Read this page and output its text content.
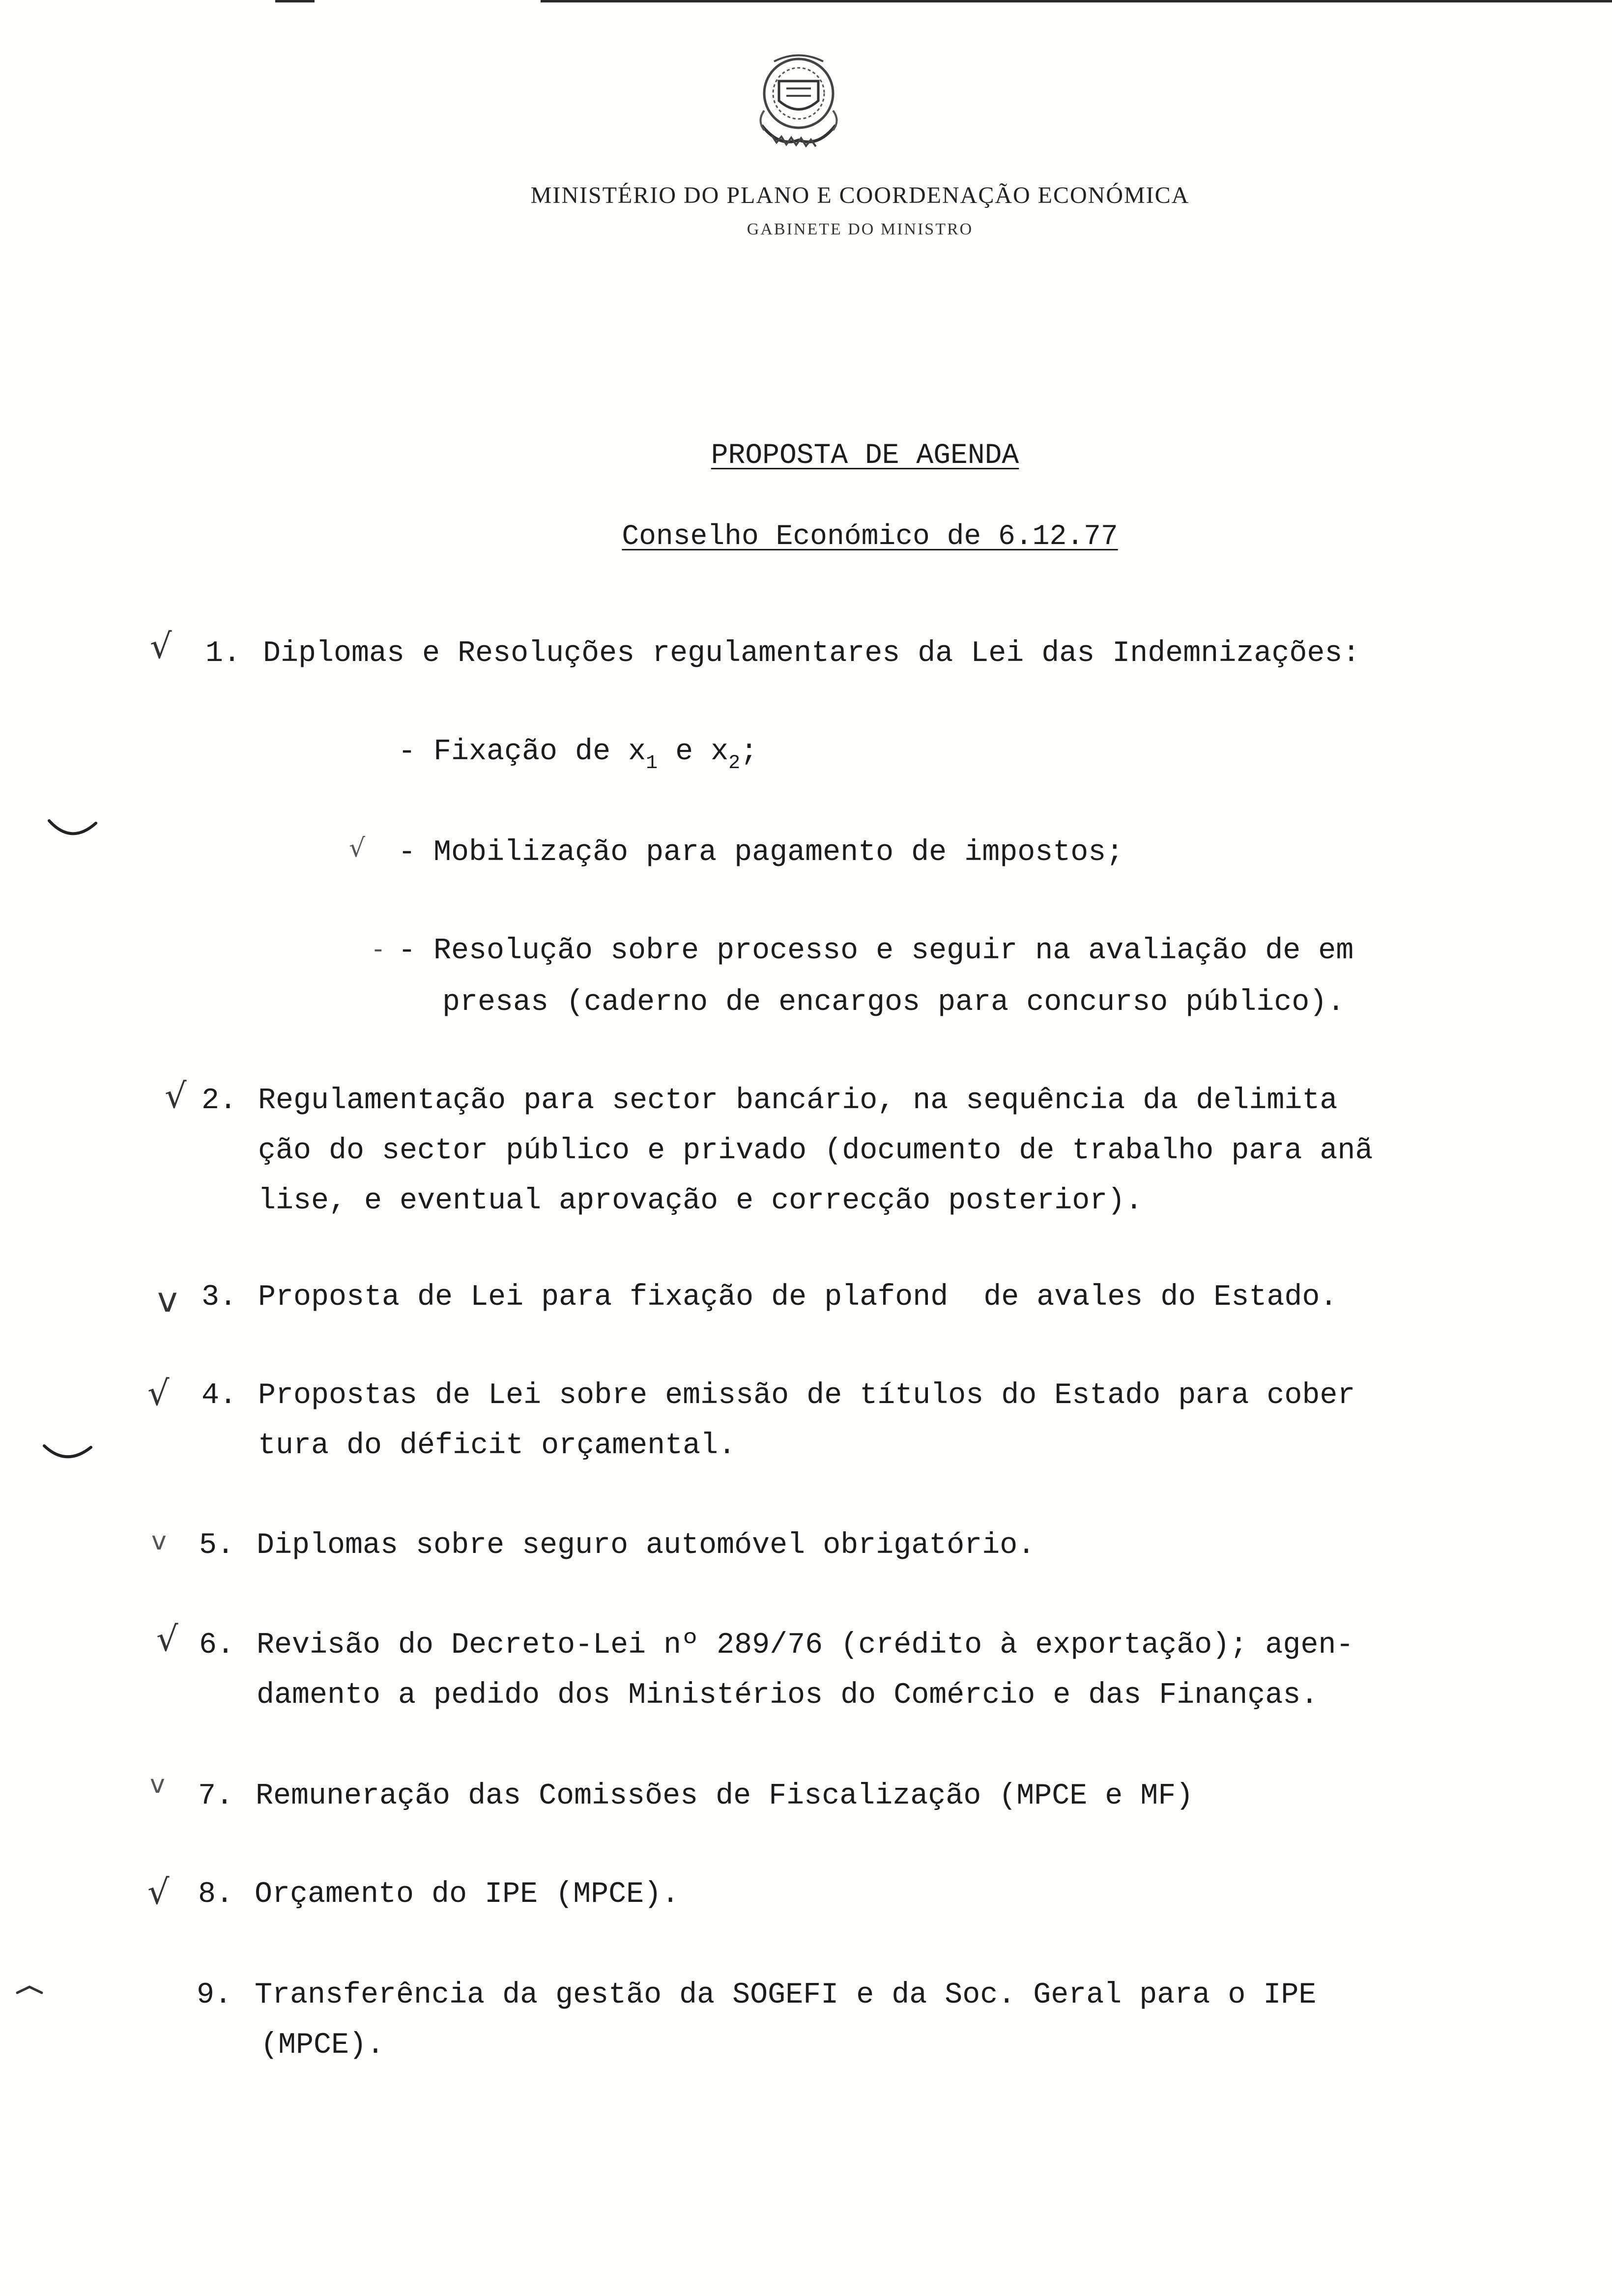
MINISTÉRIO DO PLANO E COORDENAÇÃO ECONÓMICA
GABINETE DO MINISTRO
PROPOSTA DE AGENDA
Conselho Económico de 6.12.77
√ 1. Diplomas e Resoluções regulamentares da Lei das Indemnizações:
- Fixação de $x_1$ e $x_2$;
√ - Mobilização para pagamento de impostos;
- - Resolução sobre processo e seguir na avaliação de em
presas (caderno de encargos para concurso público).
√ 2. Regulamentação para sector bancário, na sequência da delimita
ção do sector público e privado (documento de trabalho para anã
lise, e eventual aprovação e correcção posterior).
v 3. Proposta de Lei para fixação de plafond  de avales do Estado.
√ 4. Propostas de Lei sobre emissão de títulos do Estado para cober
tura do déficit orçamental.
v 5. Diplomas sobre seguro automóvel obrigatório.
√ 6. Revisão do Decreto-Lei nº 289/76 (crédito à exportação); agen-
damento a pedido dos Ministérios do Comércio e das Finanças.
v 7. Remuneração das Comissões de Fiscalização (MPCE e MF)
√ 8. Orçamento do IPE (MPCE).
9. Transferência da gestão da SOGEFI e da Soc. Geral para o IPE
(MPCE).
